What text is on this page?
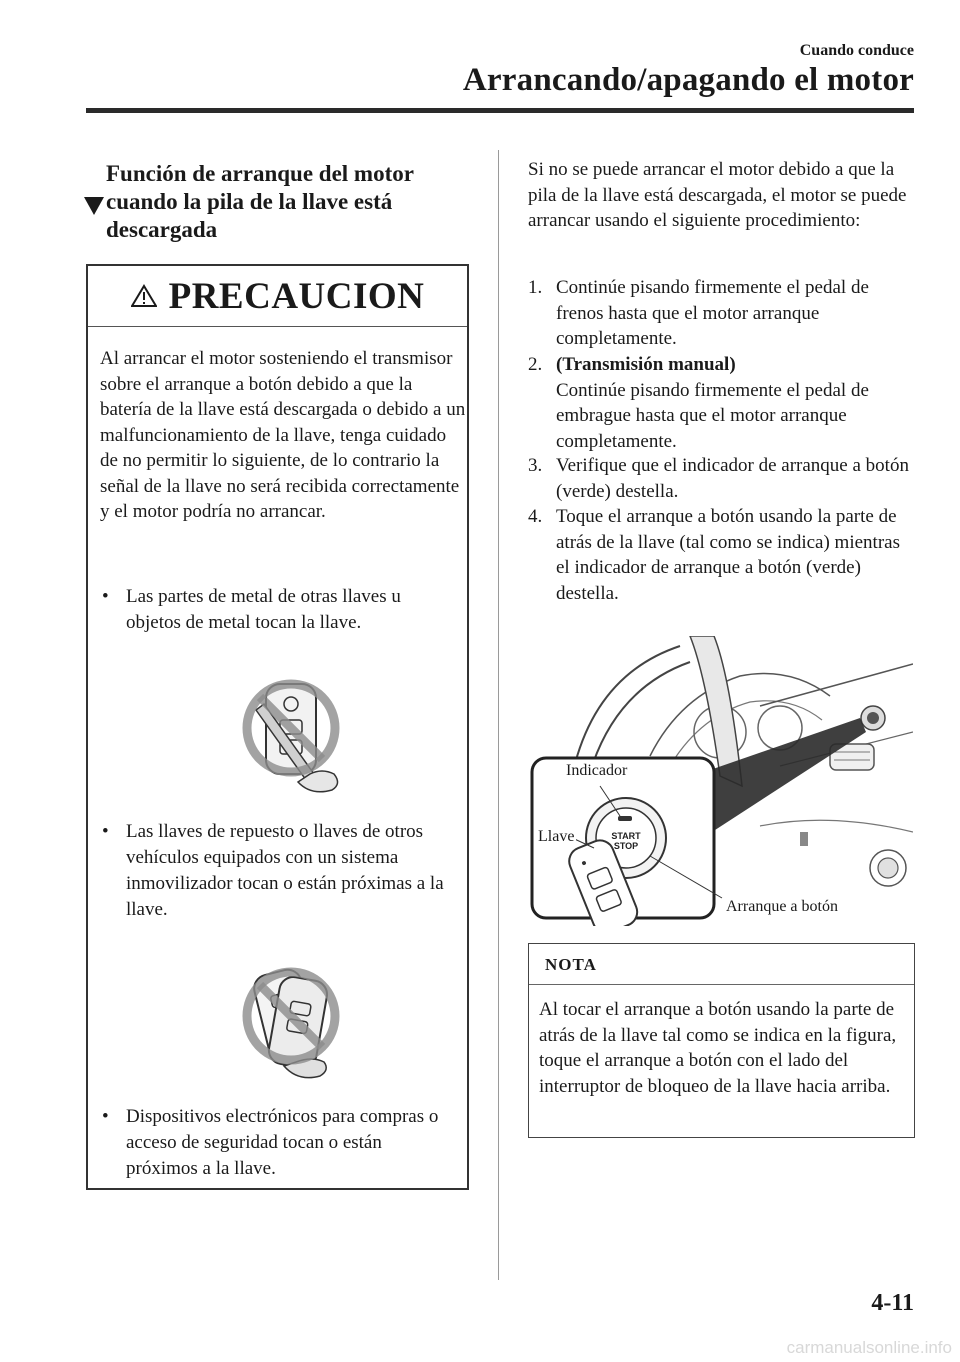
Cuando conduce
Arrancando/apagando el motor
Función de arranque del motor cuando la pila de la llave está descargada
PRECAUCION
Al arrancar el motor sosteniendo el transmisor sobre el arranque a botón debido a que la batería de la llave está descargada o debido a un malfuncionamiento de la llave, tenga cuidado de no permitir lo siguiente, de lo contrario la señal de la llave no será recibida correctamente y el motor podría no arrancar.
• Las partes de metal de otras llaves u objetos de metal tocan la llave.
• Las llaves de repuesto o llaves de otros vehículos equipados con un sistema inmovilizador tocan o están próximas a la llave.
• Dispositivos electrónicos para compras o acceso de seguridad tocan o están próximos a la llave.
Si no se puede arrancar el motor debido a que la pila de la llave está descargada, el motor se puede arrancar usando el siguiente procedimiento:
1. Continúe pisando firmemente el pedal de frenos hasta que el motor arranque completamente.
2. (Transmisión manual)
Continúe pisando firmemente el pedal de embrague hasta que el motor arranque completamente.
3. Verifique que el indicador de arranque a botón (verde) destella.
4. Toque el arranque a botón usando la parte de atrás de la llave (tal como se indica) mientras el indicador de arranque a botón (verde) destella.
START
STOP
Indicador
Llave
Arranque a botón
NOTA
Al tocar el arranque a botón usando la parte de atrás de la llave tal como se indica en la figura, toque el arranque a botón con el lado del interruptor de bloqueo de la llave hacia arriba.
4-11
carmanualsonline.info
